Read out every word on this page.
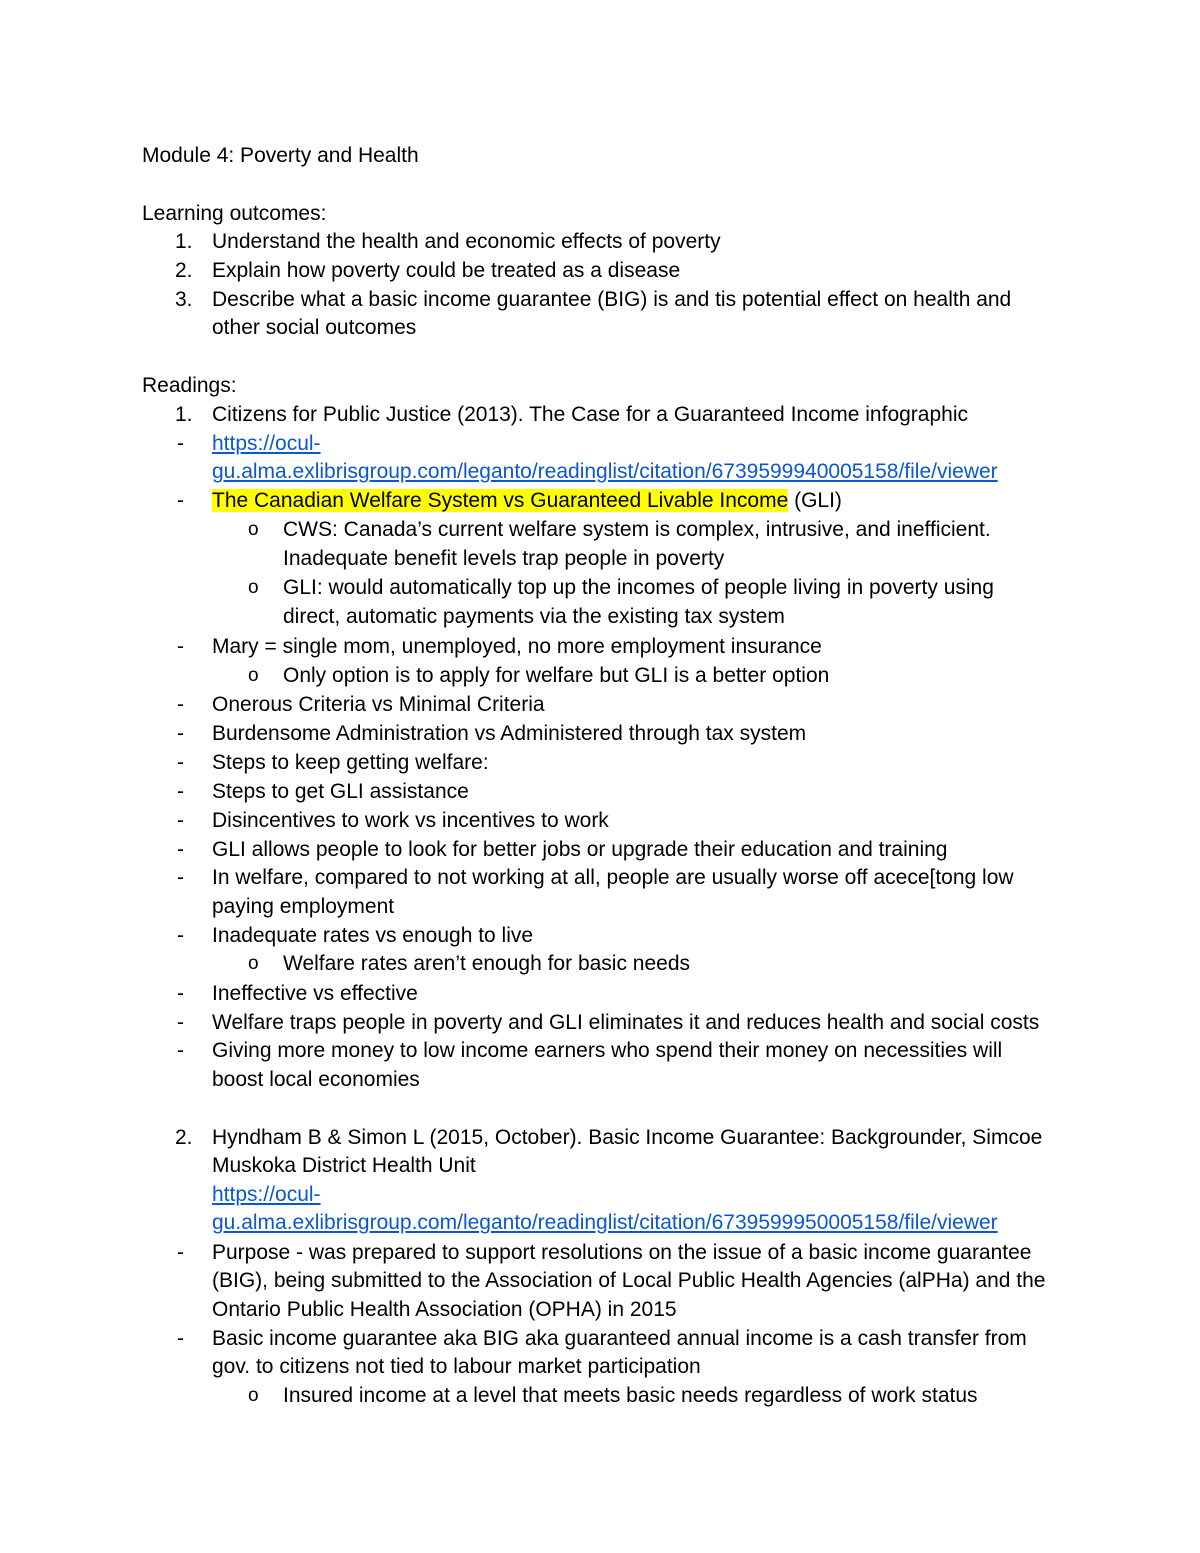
Module 4: Poverty and Health
Learning outcomes:
1. Understand the health and economic effects of poverty
2. Explain how poverty could be treated as a disease
3. Describe what a basic income guarantee (BIG) is and tis potential effect on health and
other social outcomes
Readings:
1. Citizens for Public Justice (2013). The Case for a Guaranteed Income infographic
- https://ocul-
gu.alma.exlibrisgroup.com/leganto/readinglist/citation/6739599940005158/file/viewer
- The Canadian Welfare System vs Guaranteed Livable Income (GLI)
o CWS: Canada’s current welfare system is complex, intrusive, and inefficient.
Inadequate benefit levels trap people in poverty
o GLI: would automatically top up the incomes of people living in poverty using
direct, automatic payments via the existing tax system
- Mary = single mom, unemployed, no more employment insurance
o Only option is to apply for welfare but GLI is a better option
- Onerous Criteria vs Minimal Criteria
- Burdensome Administration vs Administered through tax system
- Steps to keep getting welfare:
- Steps to get GLI assistance
- Disincentives to work vs incentives to work
- GLI allows people to look for better jobs or upgrade their education and training
- In welfare, compared to not working at all, people are usually worse off acece[tong low
paying employment
- Inadequate rates vs enough to live
o Welfare rates aren’t enough for basic needs
- Ineffective vs effective
- Welfare traps people in poverty and GLI eliminates it and reduces health and social costs
- Giving more money to low income earners who spend their money on necessities will
boost local economies
2. Hyndham B & Simon L (2015, October). Basic Income Guarantee: Backgrounder, Simcoe
Muskoka District Health Unit
https://ocul-
gu.alma.exlibrisgroup.com/leganto/readinglist/citation/6739599950005158/file/viewer
- Purpose - was prepared to support resolutions on the issue of a basic income guarantee
(BIG), being submitted to the Association of Local Public Health Agencies (alPHa) and the
Ontario Public Health Association (OPHA) in 2015
- Basic income guarantee aka BIG aka guaranteed annual income is a cash transfer from
gov. to citizens not tied to labour market participation
o Insured income at a level that meets basic needs regardless of work status
